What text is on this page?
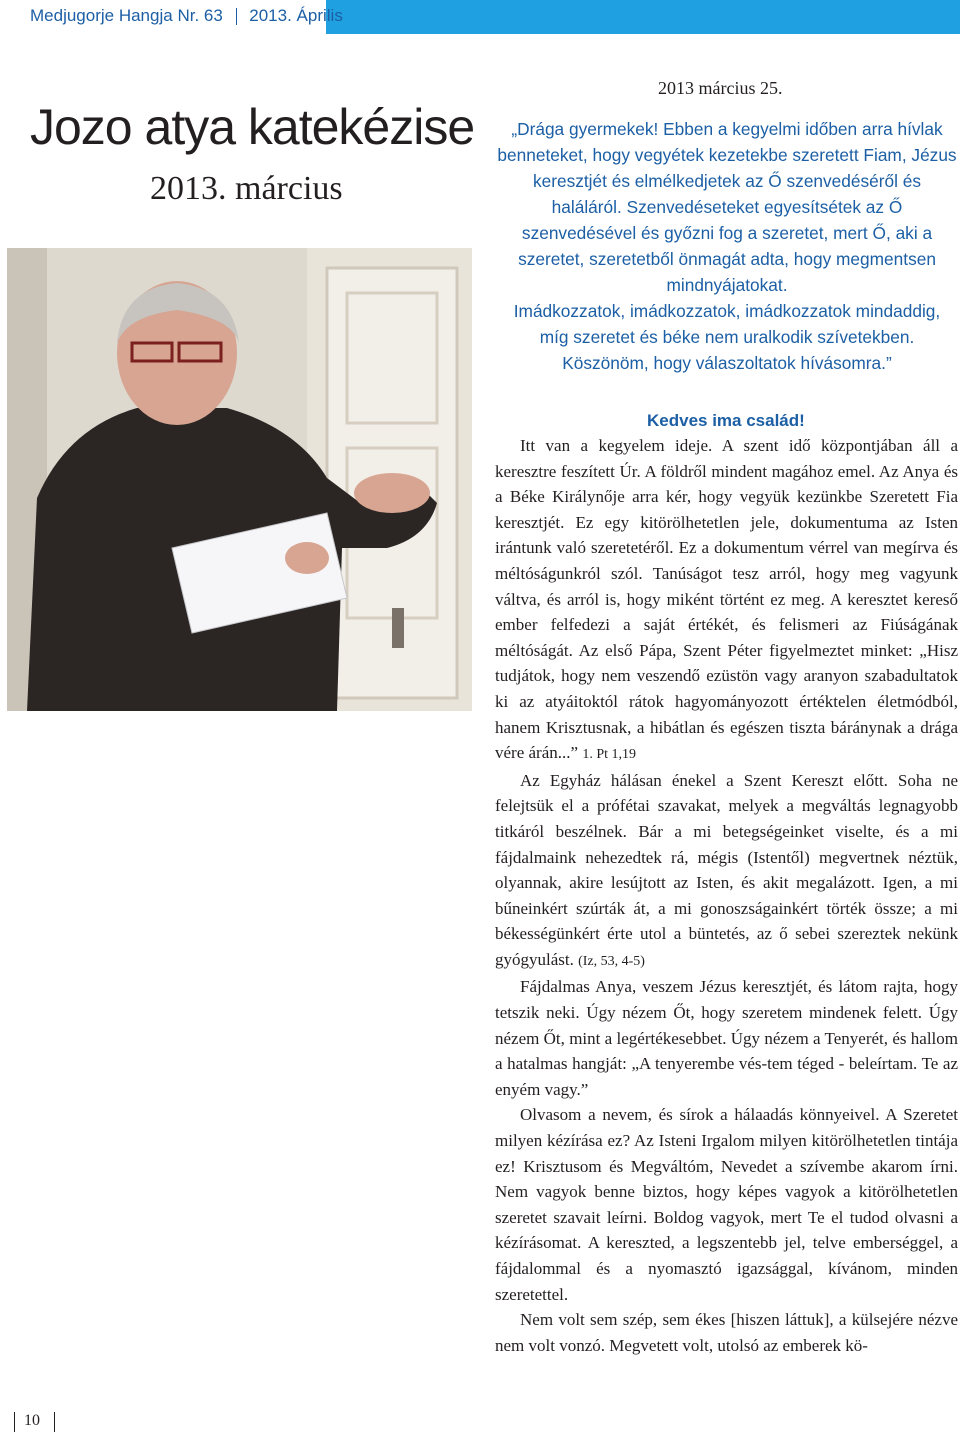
Medjugorje Hangja Nr. 63 2013. Április
Jozo atya katekézise
2013. március
2013 március 25.

„Drága gyermekek! Ebben a kegyelmi időben arra hívlak benneteket, hogy vegyétek kezetekbe szeretett Fiam, Jézus keresztjét és elmélkedjetek az Ő szenvedéséről és haláláról. Szenvedéseteket egyesítsétek az Ő szenvedésével és győzni fog a szeretet, mert Ő, aki a szeretet, szeretetből önmagát adta, hogy megmentsen mindnyájatokat.

Imádkozzatok, imádkozzatok, imádkozzatok mindaddig, míg szeretet és béke nem uralkodik szívetekben. Köszönöm, hogy válaszoltatok hívásomra.”

Kedves ima család!

Itt van a kegyelem ideje. A szent idő központjában áll a keresztre feszített Úr. A földről mindent magához emel. Az Anya és a Béke Királynője arra kér, hogy vegyük kezünkbe Szeretett Fia keresztjét. Ez egy kitörölhetetlen jele, dokumentuma az Isten irántunk való szeretetéről. Ez a dokumentum vérrel van megírva és méltóságunkról szól. Tanúságot tesz arról, hogy meg vagyunk váltva, és arról is, hogy miként történt ez meg. A keresztet kereső ember felfedezi a saját értékét, és felismeri az Fiúságának méltóságát. Az első Pápa, Szent Péter figyelmeztet minket: „Hisz tudjátok, hogy nem veszendő ezüstön vagy aranyon szabadultatok ki az atyáitoktól rátok hagyományozott értéktelen életmódból, hanem Krisztusnak, a hibátlan és egészen tiszta báránynak a drága vére árán...” 1. Pt 1,19

Az Egyház hálásan énekel a Szent Kereszt előtt. Soha ne felejtsük el a prófétai szavakat, melyek a megváltás legnagyobb titkáról beszélnek. Bár a mi betegségeinket viselte, és a mi fájdalmaink nehezedtek rá, mégis (Istentől) megvertnek néztük, olyannak, akire lesújtott az Isten, és akit megalázott. Igen, a mi bűneinkért szúrták át, a mi gonoszságainkért törték össze; a mi békességünkért érte utol a büntetés, az ő sebei szereztek nekünk gyógyulást. (Iz, 53, 4-5)

Fájdalmas Anya, veszem Jézus keresztjét, és látom rajta, hogy tetszik neki. Úgy nézem Őt, hogy szeretem mindenek felett. Úgy nézem Őt, mint a legértékesebbet. Úgy nézem a Tenyerét, és hallom a hatalmas hangját: „A tenyerembe vés-tem téged - beleírtam. Te az enyém vagy.”

Olvasom a nevem, és sírok a hálaadás könnyeivel. A Szeretet milyen kézírása ez? Az Isteni Irgalom milyen kitörölhetetlen tintája ez! Krisztusom és Megváltóm, Nevedet a szívembe akarom írni. Nem vagyok benne biztos, hogy képes vagyok a kitörölhetetlen szeretet szavait leírni. Boldog vagyok, mert Te el tudod olvasni a kézírásomat. A kereszted, a legszentebb jel, telve emberséggel, a fájdalommal és a nyomasztó igazsággal, kívánom, minden szeretettel.

Nem volt sem szép, sem ékes [hiszen láttuk], a külsejére nézve nem volt vonzó. Megvetett volt, utolsó az emberek kö-

10
